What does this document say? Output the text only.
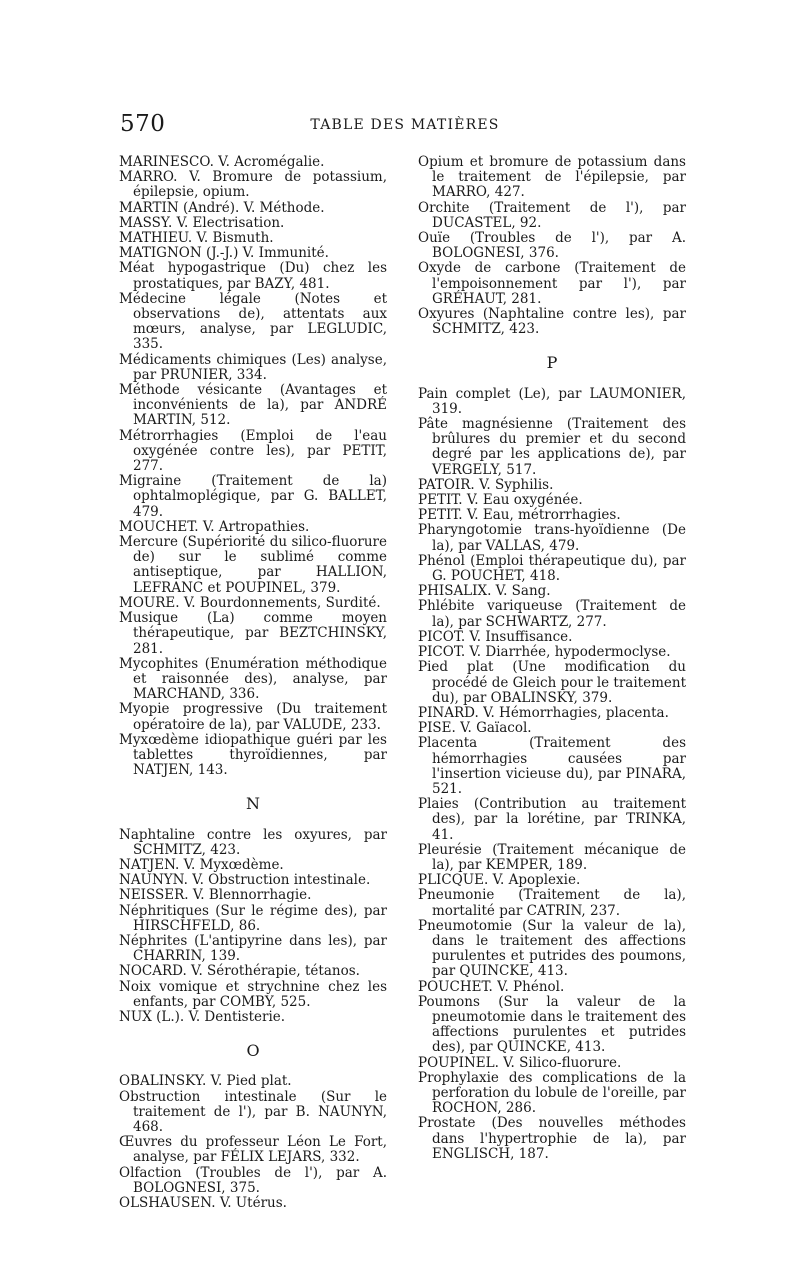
570	TABLE DES MATIÈRES

MARINESCO. V. Acromégalie.

MARRO. V. Bromure de potassium, épilepsie, opium.

MARTIN (André). V. Méthode.

MASSY. V. Electrisation.

MATHIEU. V. Bismuth.

MATIGNON (J.-J.) V. Immunité.

Méat hypogastrique (Du) chez les prostatiques, par BAZY, 481.

Médecine légale (Notes et observations de), attentats aux mœurs, analyse, par LEGLUDIC, 335.

Médicaments chimiques (Les) analyse, par PRUNIER, 334.

Méthode vésicante (Avantages et inconvénients de la), par ANDRÉ MARTIN, 512.

Métrorrhagies (Emploi de l'eau oxygénée contre les), par PETIT, 277.

Migraine (Traitement de la) ophtalmoplégique, par G. BALLET, 479.

MOUCHET. V. Artropathies.

Mercure (Supériorité du silico-fluorure de) sur le sublimé comme antiseptique, par HALLION, LEFRANC et POUPINEL, 379.

MOURE. V. Bourdonnements, Surdité.

Musique (La) comme moyen thérapeutique, par BEZTCHINSKY, 281.

Mycophites (Enumération méthodique et raisonnée des), analyse, par MARCHAND, 336.

Myopie progressive (Du traitement opératoire de la), par VALUDE, 233.

Myxœdème idiopathique guéri par les tablettes thyroïdiennes, par NATJEN, 143.

N

Naphtaline contre les oxyures, par SCHMITZ, 423.

NATJEN. V. Myxœdème.

NAUNYN. V. Obstruction intestinale.

NEISSER. V. Blennorrhagie.

Néphritiques (Sur le régime des), par HIRSCHFELD, 86.

Néphrites (L'antipyrine dans les), par CHARRIN, 139.

NOCARD. V. Sérothérapie, tétanos.

Noix vomique et strychnine chez les enfants, par COMBY, 525.

NUX (L.). V. Dentisterie.

O

OBALINSKY. V. Pied plat.

Obstruction intestinale (Sur le traitement de l'), par B. NAUNYN, 468.

Œuvres du professeur Léon Le Fort, analyse, par FÉLIX LEJARS, 332.

Olfaction (Troubles de l'), par A. BOLOGNESI, 375.

OLSHAUSEN. V. Utérus.

Opium et bromure de potassium dans le traitement de l'épilepsie, par MARRO, 427.

Orchite (Traitement de l'), par DUCASTEL, 92.

Ouïe (Troubles de l'), par A. BOLOGNESI, 376.

Oxyde de carbone (Traitement de l'empoisonnement par l'), par GRÉHAUT, 281.

Oxyures (Naphtaline contre les), par SCHMITZ, 423.

P

Pain complet (Le), par LAUMONIER, 319.

Pâte magnésienne (Traitement des brûlures du premier et du second degré par les applications de), par VERGELY, 517.

PATOIR. V. Syphilis.

PETIT. V. Eau oxygénée.

PETIT. V. Eau, métrorrhagies.

Pharyngotomie trans-hyoïdienne (De la), par VALLAS, 479.

Phénol (Emploi thérapeutique du), par G. POUCHET, 418.

PHISALIX. V. Sang.

Phlébite variqueuse (Traitement de la), par SCHWARTZ, 277.

PICOT. V. Insuffisance.

PICOT. V. Diarrhée, hypodermoclyse.

Pied plat (Une modification du procédé de Gleich pour le traitement du), par OBALINSKY, 379.

PINARD. V. Hémorrhagies, placenta.

PISE. V. Gaïacol.

Placenta (Traitement des hémorrhagies causées par l'insertion vicieuse du), par PINARA, 521.

Plaies (Contribution au traitement des), par la lorétine, par TRINKA, 41.

Pleurésie (Traitement mécanique de la), par KEMPER, 189.

PLICQUE. V. Apoplexie.

Pneumonie (Traitement de la), mortalité par CATRIN, 237.

Pneumotomie (Sur la valeur de la), dans le traitement des affections purulentes et putrides des poumons, par QUINCKE, 413.

POUCHET. V. Phénol.

Poumons (Sur la valeur de la pneumotomie dans le traitement des affections purulentes et putrides des), par QUINCKE, 413.

POUPINEL. V. Silico-fluorure.

Prophylaxie des complications de la perforation du lobule de l'oreille, par ROCHON, 286.

Prostate (Des nouvelles méthodes dans l'hypertrophie de la), par ENGLISCH, 187.
